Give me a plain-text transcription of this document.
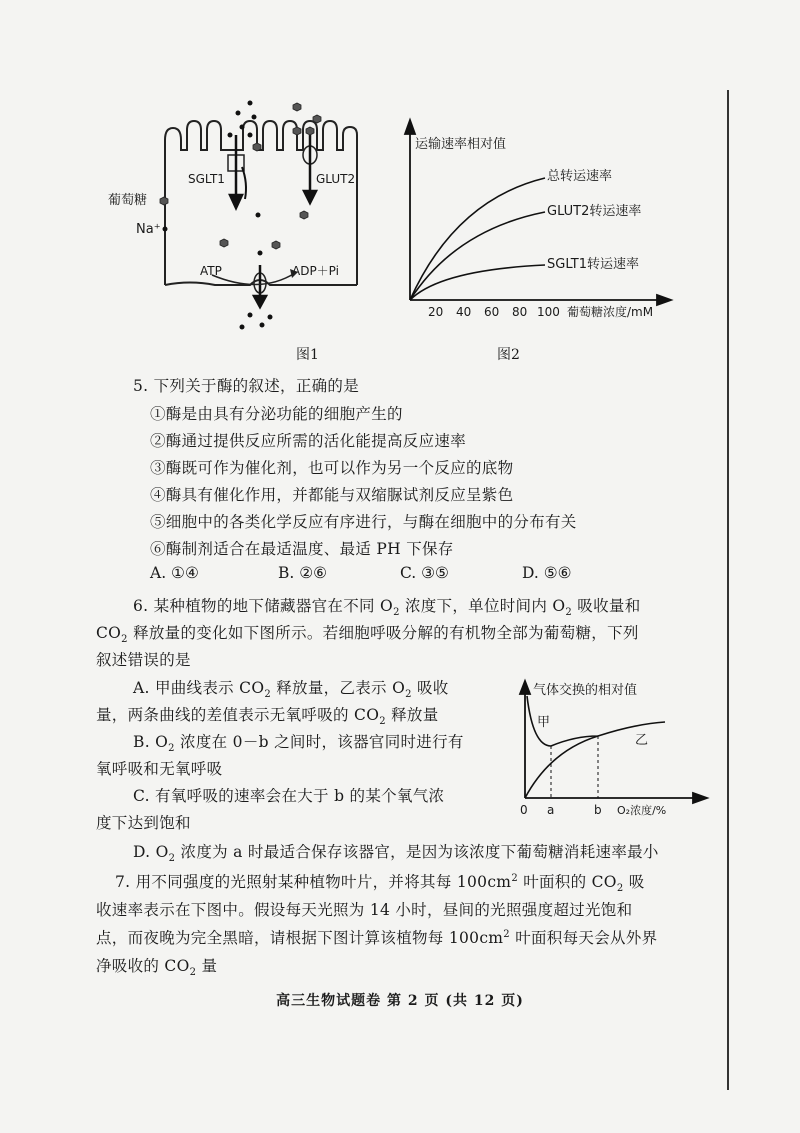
SGLT1	GLUT2
葡萄糖
Na⁺
ATP	ADP＋Pi
图1
运输速率相对值
总转运速率
GLUT2转运速率
SGLT1转运速率
20 40 60 80 100 葡萄糖浓度/mM
图2
5. 下列关于酶的叙述，正确的是
①酶是由具有分泌功能的细胞产生的
②酶通过提供反应所需的活化能提高反应速率
③酶既可作为催化剂，也可以作为另一个反应的底物
④酶具有催化作用，并都能与双缩脲试剂反应呈紫色
⑤细胞中的各类化学反应有序进行，与酶在细胞中的分布有关
⑥酶制剂适合在最适温度、最适 PH 下保存
A. ①④	B. ②⑥	C. ③⑤	D. ⑤⑥
6. 某种植物的地下储藏器官在不同 $O_2$ 浓度下，单位时间内 $O_2$ 吸收量和
$CO_2$ 释放量的变化如下图所示。若细胞呼吸分解的有机物全部为葡萄糖，下列
叙述错误的是
A. 甲曲线表示 $CO_2$ 释放量，乙表示 $O_2$ 吸收
量，两条曲线的差值表示无氧呼吸的 $CO_2$ 释放量
B. $O_2$ 浓度在 0－b 之间时，该器官同时进行有
氧呼吸和无氧呼吸
C. 有氧呼吸的速率会在大于 b 的某个氧气浓
度下达到饱和
D. $O_2$ 浓度为 a 时最适合保存该器官，是因为该浓度下葡萄糖消耗速率最小
气体交换的相对值
甲
乙
0 a	b O₂浓度/%
7. 用不同强度的光照射某种植物叶片，并将其每 $100cm^2$ 叶面积的 $CO_2$ 吸
收速率表示在下图中。假设每天光照为 14 小时，昼间的光照强度超过光饱和
点，而夜晚为完全黑暗，请根据下图计算该植物每 $100cm^2$ 叶面积每天会从外界
净吸收的 $CO_2$ 量
高三生物试题卷 第 2 页 (共 12 页)
